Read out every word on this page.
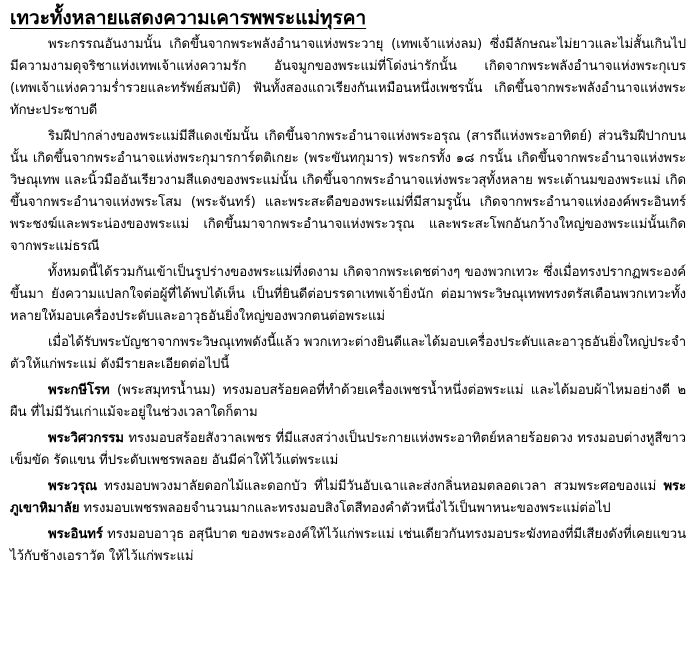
เทวะทั้งหลายแสดงความเคารพพระแม่ทุรคา

พระกรรณอันงามนั้น เกิดขึ้นจากพระพลังอำนาจแห่งพระวายุ (เทพเจ้าแห่งลม) ซึ่งมีลักษณะไม่ยาวและไม่สั้นเกินไป มีความงามดุจริชาแห่งเทพเจ้าแห่งความรัก อันจมูกของพระแม่ที่โด่งน่ารักนั้น เกิดจากพระพลังอำนาจแห่งพระกุเบร (เทพเจ้าแห่งความร่ำรวยและทรัพย์สมบัติ) ฟันทั้งสองแถวเรียงกันเหมือนหนึ่งเพชรนั้น เกิดขึ้นจากพระพลังอำนาจแห่งพระทักษะประชาบดี

ริมฝีปากล่างของพระแม่มีสีแดงเข้มนั้น เกิดขึ้นจากพระอำนาจแห่งพระอรุณ (สารถีแห่งพระอาทิตย์) ส่วนริมฝีปากบนนั้น เกิดขึ้นจากพระอำนาจแห่งพระกุมารการ์ตติเกยะ (พระขันทกุมาร) พระกรทั้ง ๑๘ กรนั้น เกิดขึ้นจากพระอำนาจแห่งพระวิษณุเทพ และนิ้วมืออันเรียวงามสีแดงของพระแม่นั้น เกิดขึ้นจากพระอำนาจแห่งพระวสุทั้งหลาย พระเต้านมของพระแม่ เกิดขึ้นจากพระอำนาจแห่งพระโสม (พระจันทร์) และพระสะดือของพระแม่ที่มีสามรูนั้น เกิดจากพระอำนาจแห่งองค์พระอินทร์ พระชงฆ์และพระน่องของพระแม่ เกิดขึ้นมาจากพระอำนาจแห่งพระวรุณ และพระสะโพกอันกว้างใหญ่ของพระแม่นั้นเกิดจากพระแม่ธรณี

ทั้งหมดนี้ได้รวมกันเข้าเป็นรูปร่างของพระแม่ที่งดงาม เกิดจากพระเดชต่างๆ ของพวกเทวะ ซึ่งเมื่อทรงปรากฏพระองค์ขึ้นมา ยังความแปลกใจต่อผู้ที่ได้พบได้เห็น เป็นที่ยินดีต่อบรรดาเทพเจ้ายิ่งนัก ต่อมาพระวิษณุเทพทรงตรัสเตือนพวกเทวะทั้งหลายให้มอบเครื่องประดับและอาวุธอันยิ่งใหญ่ของพวกตนต่อพระแม่

เมื่อได้รับพระบัญชาจากพระวิษณุเทพดังนี้แล้ว พวกเทวะต่างยินดีและได้มอบเครื่องประดับและอาวุธอันยิ่งใหญ่ประจำตัวให้แก่พระแม่ ดังมีรายละเอียดต่อไปนี้

พระกษีโรท (พระสมุทรน้ำนม) ทรงมอบสร้อยคอที่ทำด้วยเครื่องเพชรน้ำหนึ่งต่อพระแม่ และได้มอบผ้าไหมอย่างดี ๒ ผืน ที่ไม่มีวันเก่าแม้จะอยู่ในช่วงเวลาใดก็ตาม

พระวิศวกรรม ทรงมอบสร้อยสังวาลเพชร ที่มีแสงสว่างเป็นประกายแห่งพระอาทิตย์หลายร้อยดวง ทรงมอบต่างหูสีขาว เข็มขัด รัดแขน ที่ประดับเพชรพลอย อันมีค่าให้ไว้แต่พระแม่

พระวรุณ ทรงมอบพวงมาลัยดอกไม้และดอกบัว ที่ไม่มีวันอับเฉาและส่งกลิ่นหอมตลอดเวลา สวมพระศอของแม่ พระภูเขาหิมาลัย ทรงมอบเพชรพลอยจำนวนมากและทรงมอบสิงโตสีทองคำตัวหนึ่งไว้เป็นพาหนะของพระแม่ต่อไป

พระอินทร์ ทรงมอบอาวุธ อสุนีบาต ของพระองค์ให้ไว้แก่พระแม่ เช่นเดียวกันทรงมอบระฆังทองที่มีเสียงดังที่เคยแขวนไว้กับช้างเอราวัต ให้ไว้แก่พระแม่
